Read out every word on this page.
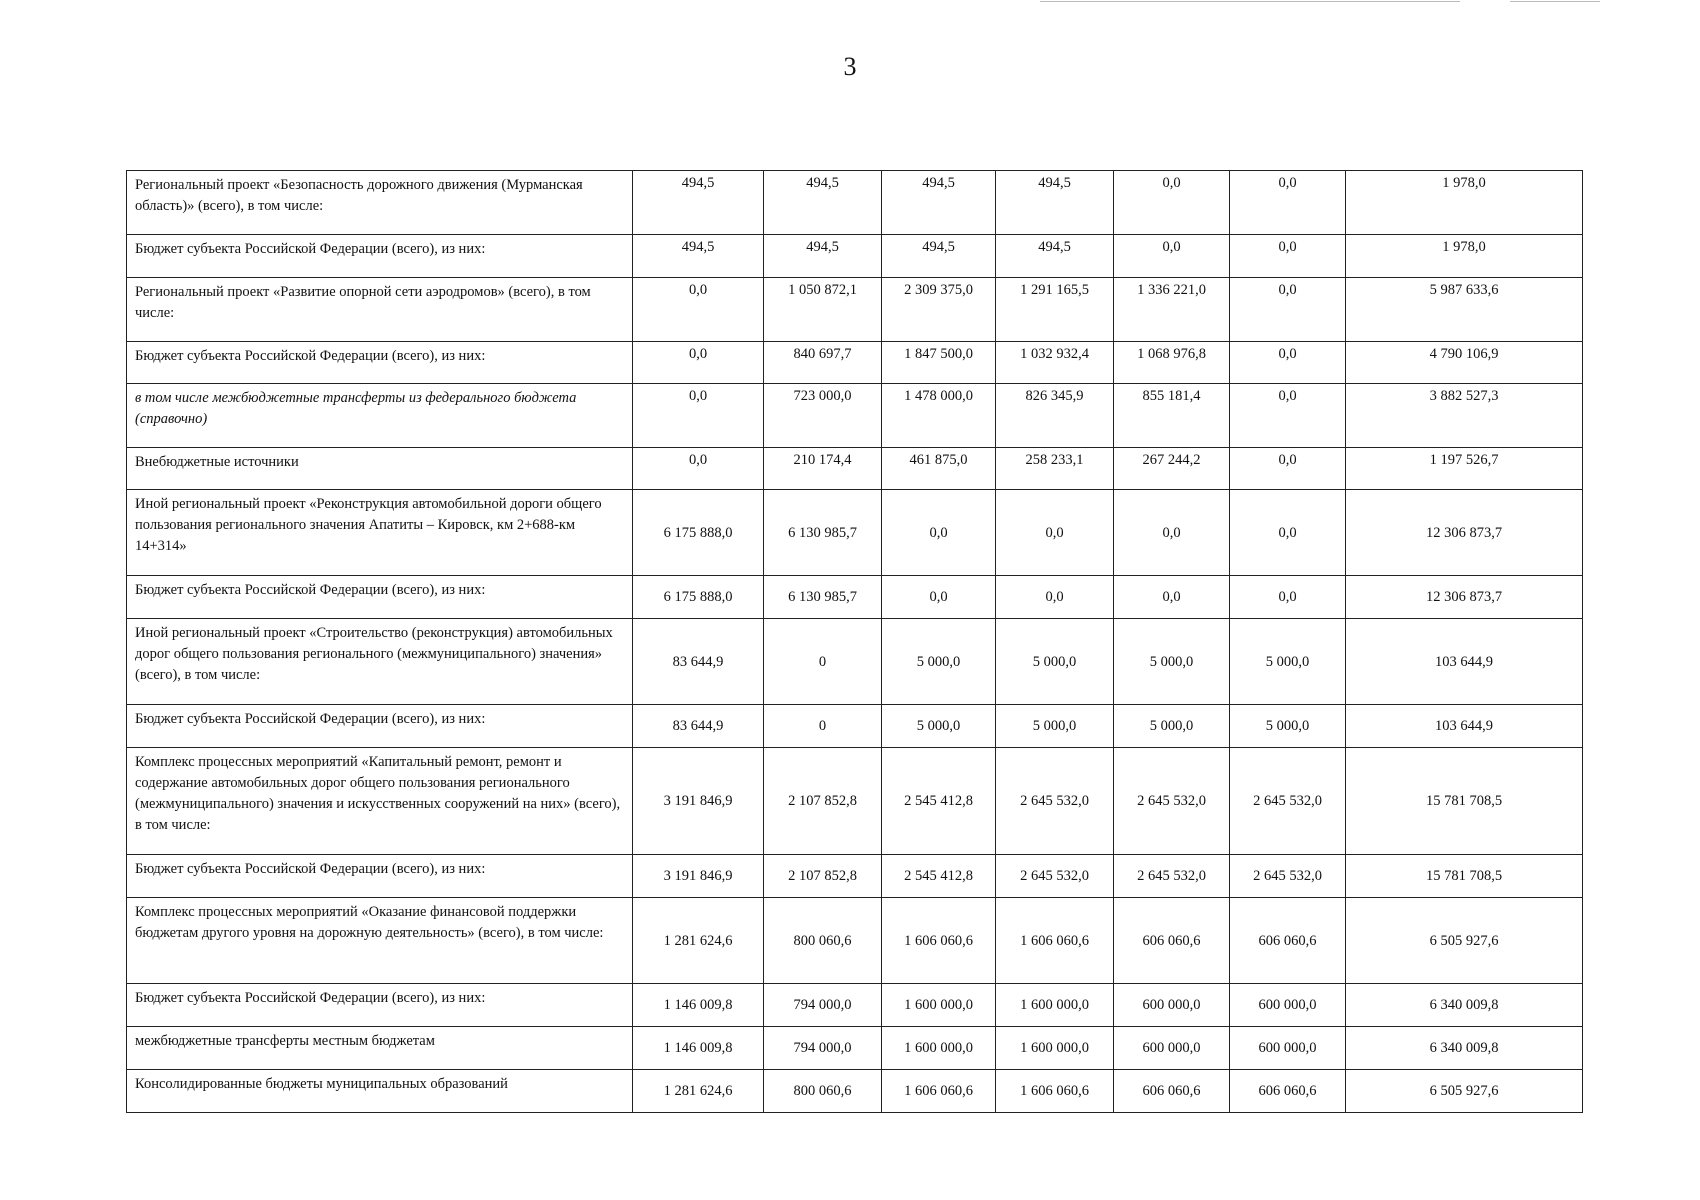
3
Региональный проект «Безопасность дорожного движения (Мурманская область)» (всего), в том числе:	494,5	494,5	494,5	494,5	0,0	0,0	1 978,0
Бюджет субъекта Российской Федерации (всего), из них:	494,5	494,5	494,5	494,5	0,0	0,0	1 978,0
Региональный проект «Развитие опорной сети аэродромов» (всего), в том числе:	0,0	1 050 872,1	2 309 375,0	1 291 165,5	1 336 221,0	0,0	5 987 633,6
Бюджет субъекта Российской Федерации (всего), из них:	0,0	840 697,7	1 847 500,0	1 032 932,4	1 068 976,8	0,0	4 790 106,9
в том числе межбюджетные трансферты из федерального бюджета (справочно)	0,0	723 000,0	1 478 000,0	826 345,9	855 181,4	0,0	3 882 527,3
Внебюджетные источники	0,0	210 174,4	461 875,0	258 233,1	267 244,2	0,0	1 197 526,7
Иной региональный проект «Реконструкция автомобильной дороги общего пользования регионального значения Апатиты – Кировск, км 2+688-км 14+314»	6 175 888,0	6 130 985,7	0,0	0,0	0,0	0,0	12 306 873,7
Бюджет субъекта Российской Федерации (всего), из них:	6 175 888,0	6 130 985,7	0,0	0,0	0,0	0,0	12 306 873,7
Иной региональный проект «Строительство (реконструкция) автомобильных дорог общего пользования регионального (межмуниципального) значения» (всего), в том числе:	83 644,9	0	5 000,0	5 000,0	5 000,0	5 000,0	103 644,9
Бюджет субъекта Российской Федерации (всего), из них:	83 644,9	0	5 000,0	5 000,0	5 000,0	5 000,0	103 644,9
Комплекс процессных мероприятий «Капитальный ремонт, ремонт и содержание автомобильных дорог общего пользования регионального (межмуниципального) значения и искусственных сооружений на них» (всего), в том числе:	3 191 846,9	2 107 852,8	2 545 412,8	2 645 532,0	2 645 532,0	2 645 532,0	15 781 708,5
Бюджет субъекта Российской Федерации (всего), из них:	3 191 846,9	2 107 852,8	2 545 412,8	2 645 532,0	2 645 532,0	2 645 532,0	15 781 708,5
Комплекс процессных мероприятий «Оказание финансовой поддержки бюджетам другого уровня на дорожную деятельность» (всего), в том числе:	1 281 624,6	800 060,6	1 606 060,6	1 606 060,6	606 060,6	606 060,6	6 505 927,6
Бюджет субъекта Российской Федерации (всего), из них:	1 146 009,8	794 000,0	1 600 000,0	1 600 000,0	600 000,0	600 000,0	6 340 009,8
межбюджетные трансферты местным бюджетам	1 146 009,8	794 000,0	1 600 000,0	1 600 000,0	600 000,0	600 000,0	6 340 009,8
Консолидированные бюджеты муниципальных образований	1 281 624,6	800 060,6	1 606 060,6	1 606 060,6	606 060,6	606 060,6	6 505 927,6
